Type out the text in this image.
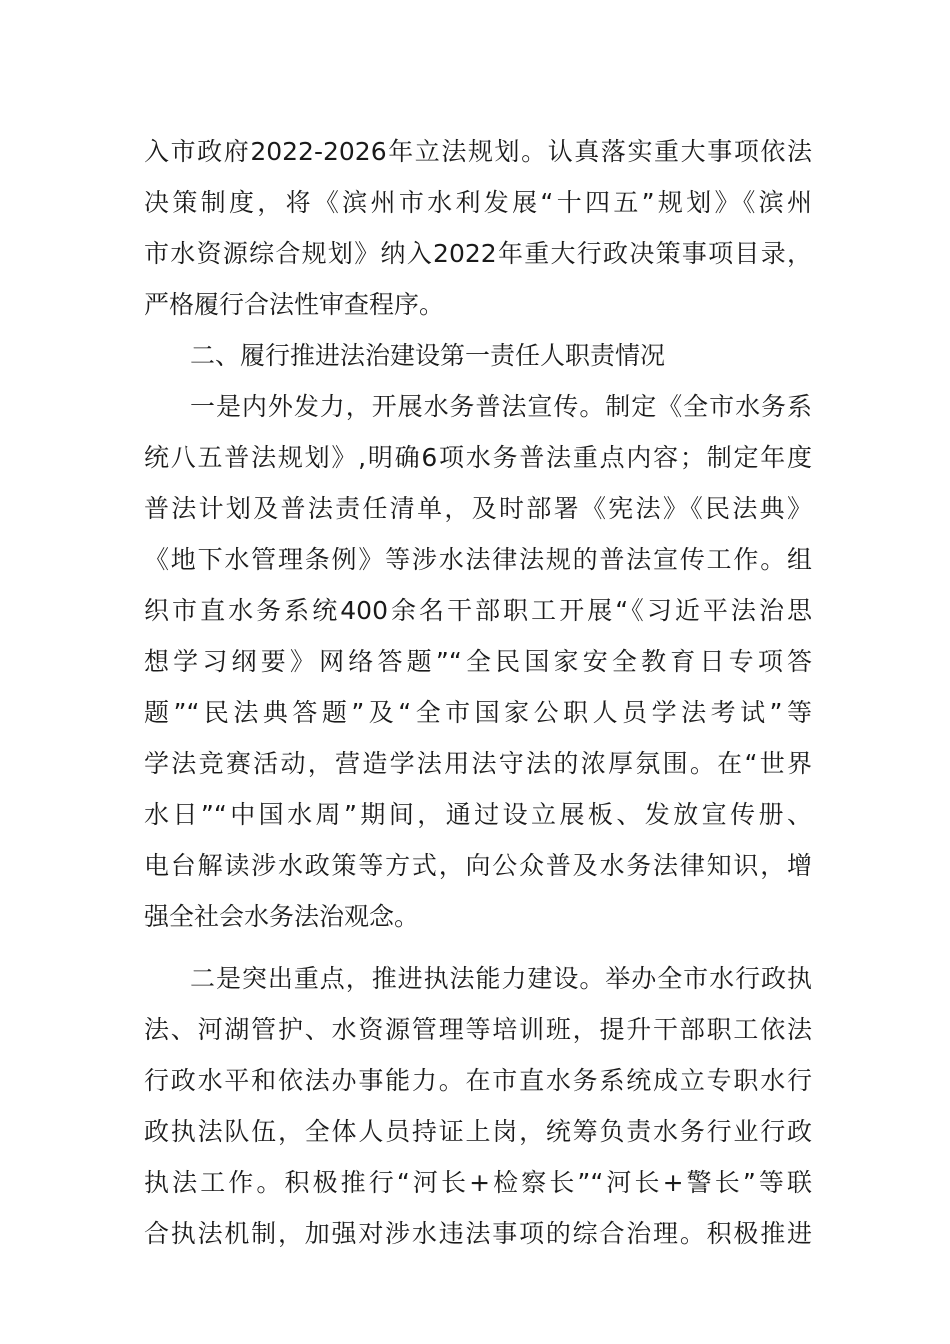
入市政府2022-2026年立法规划。认真落实重大事项依法
决策制度，将《滨州市水利发展“十四五”规划》《滨州
市水资源综合规划》纳入2022年重大行政决策事项目录，
严格履行合法性审查程序。
二、履行推进法治建设第一责任人职责情况
一是内外发力，开展水务普法宣传。制定《全市水务系
统八五普法规划》,明确6项水务普法重点内容；制定年度
普法计划及普法责任清单，及时部署《宪法》《民法典》
《地下水管理条例》等涉水法律法规的普法宣传工作。组
织市直水务系统400余名干部职工开展“《习近平法治思
想学习纲要》网络答题”“全民国家安全教育日专项答
题”“民法典答题”及“全市国家公职人员学法考试”等
学法竞赛活动，营造学法用法守法的浓厚氛围。在“世界
水日”“中国水周”期间，通过设立展板、发放宣传册、
电台解读涉水政策等方式，向公众普及水务法律知识，增
强全社会水务法治观念。
二是突出重点，推进执法能力建设。举办全市水行政执
法、河湖管护、水资源管理等培训班，提升干部职工依法
行政水平和依法办事能力。在市直水务系统成立专职水行
政执法队伍，全体人员持证上岗，统筹负责水务行业行政
执法工作。积极推行“河长+检察长”“河长+警长”等联
合执法机制，加强对涉水违法事项的综合治理。积极推进
